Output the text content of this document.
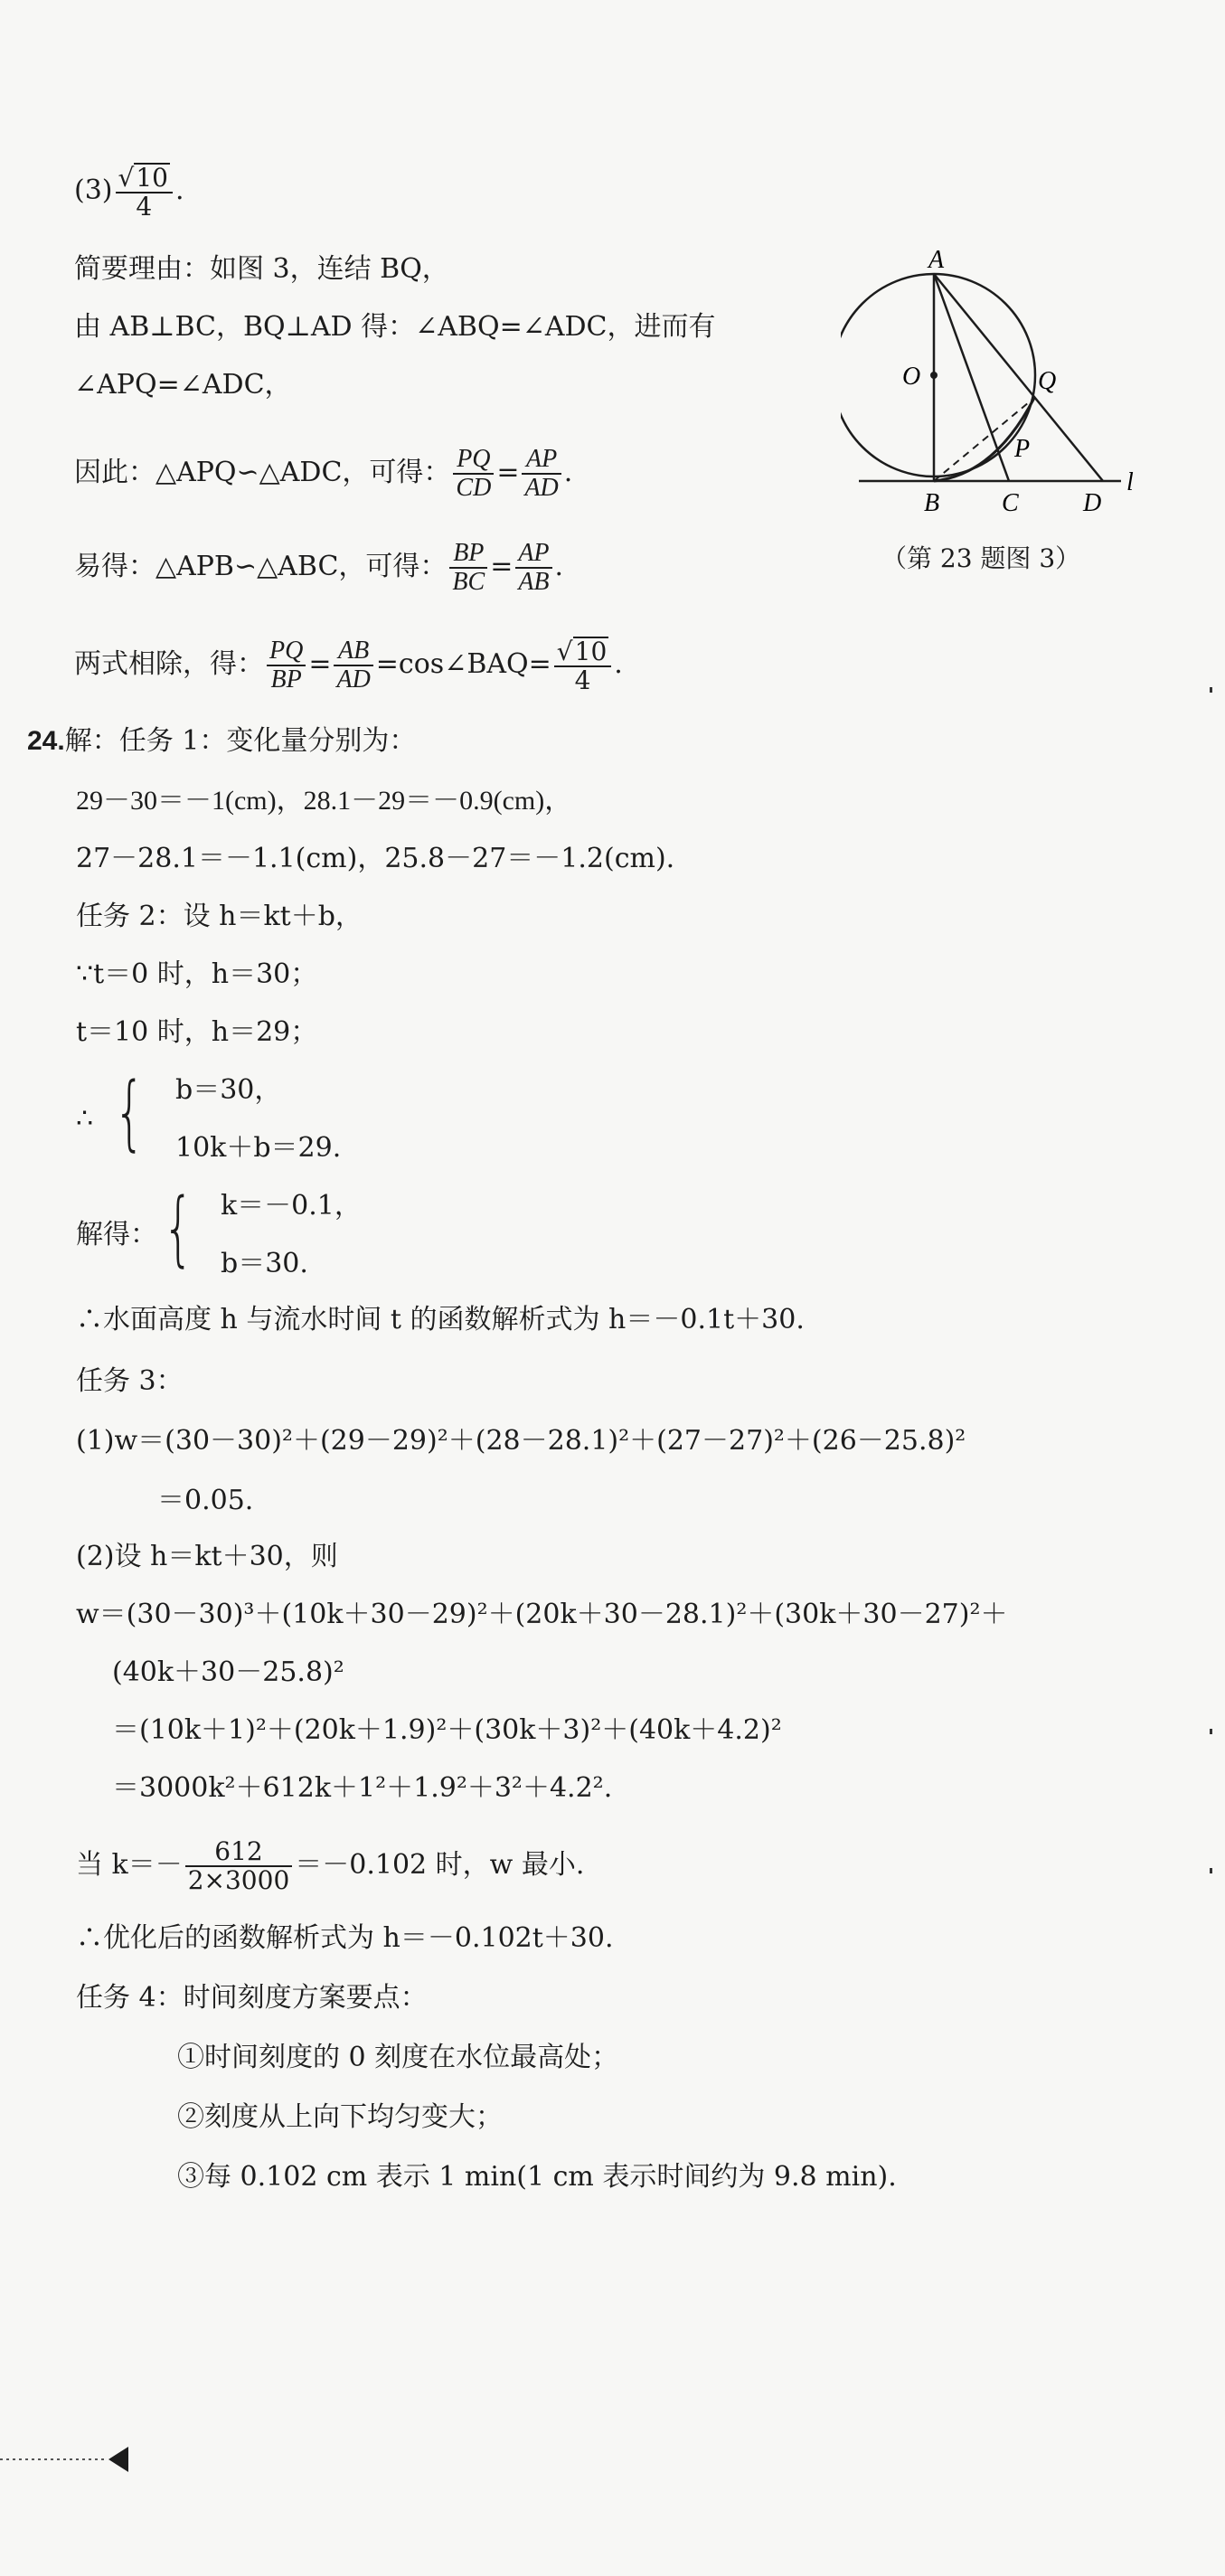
$(3) \frac{√10}{4}$ .
简要理由：如图 3，连结 BQ，
由 AB⊥BC，BQ⊥AD 得：∠ABQ=∠ADC，进而有
∠APQ=∠ADC，
因此：△APQ∽△ADC，可得： $\frac{PQ}{CD} = \frac{AP}{AD}$ .
易得：△APB∽△ABC，可得： $\frac{BP}{BC} = \frac{AP}{AB}$ .
两式相除，得： $\frac{PQ}{BP} = \frac{AB}{AD}$ =cos∠BAQ= $\frac{√10}{4}$ .
A
O	Q
P
B C	D
l
（第 23 题图 3）
24.解：任务 1：变化量分别为：
29－30＝－1(cm)，28.1－29＝－0.9(cm)，
27－28.1＝－1.1(cm)，25.8－27＝－1.2(cm).
任务 2：设 h＝kt＋b，
∵t＝0 时，h＝30；
t＝10 时，h＝29；
∴ { b＝30，
10k＋b＝29.
解得： { k＝－0.1，
b＝30.
∴水面高度 h 与流水时间 t 的函数解析式为 h＝－0.1t＋30.
任务 3：
(1)w＝(30－30)²＋(29－29)²＋(28－28.1)²＋(27－27)²＋(26－25.8)²
＝0.05.
(2)设 h＝kt＋30，则
w＝(30－30)³＋(10k＋30－29)²＋(20k＋30－28.1)²＋(30k＋30－27)²＋
(40k＋30－25.8)²
＝(10k＋1)²＋(20k＋1.9)²＋(30k＋3)²＋(40k＋4.2)²
＝3000k²＋612k＋1²＋1.9²＋3²＋4.2².
当 $k=- \frac{612}{2\times 3000} =-0.102$ 时，w 最小.
∴优化后的函数解析式为 h＝－0.102t＋30.
任务 4：时间刻度方案要点：
①时间刻度的 0 刻度在水位最高处；
②刻度从上向下均匀变大；
③每 0.102 cm 表示 1 min(1 cm 表示时间约为 9.8 min).
